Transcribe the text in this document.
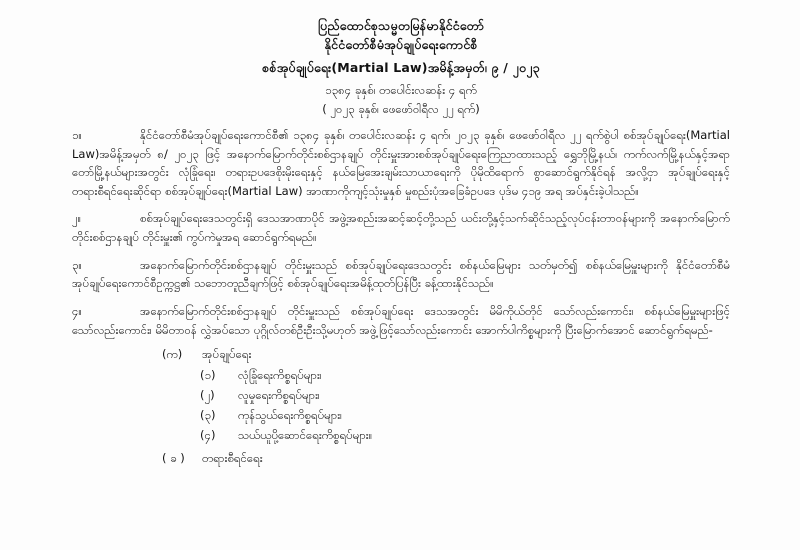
ပြည်ထောင်စုသမ္မတမြန်မာနိုင်ငံတော်
နိုင်ငံတော်စီမံအုပ်ချုပ်ရေးကောင်စီ
စစ်အုပ်ချုပ်ရေး(Martial Law)အမိန့်အမှတ်၊ ၉ / ၂၀၂၃
၁၃၈၄ ခုနှစ်၊ တပေါင်းလဆန်း ၄ ရက်
( ၂၀၂၃ ခုနှစ်၊ ဖေဖော်ဝါရီလ ၂၂ ရက်)
၁။	နိုင်ငံတော်စီမံအုပ်ချုပ်ရေးကောင်စီ၏ ၁၃၈၄ ခုနှစ်၊ တပေါင်းလဆန်း ၄ ရက်၊ ၂၀၂၃ ခုနှစ်၊ ဖေဖော်ဝါရီလ ၂၂ ရက်စွဲပါ စစ်အုပ်ချုပ်ရေး(Martial Law)အမိန့်အမှတ် ၈/ ၂၀၂၃ ဖြင့် အနောက်မြောက်တိုင်းစစ်ဌာနချုပ် တိုင်းမှူးအားစစ်အုပ်ချုပ်ရေးကြေညာထားသည့် ရွှေဘိုမြို့နယ်၊ ကက်လက်မြို့နယ်နှင့်အရာတော်မြို့နယ်များအတွင်း လုံခြုံရေး၊ တရားဥပဒေစိုးမိုးရေးနှင့် နယ်မြေအေးချမ်းသာယာရေးကို ပိုမိုထိရောက် စွာဆောင်ရွက်နိုင်ရန် အလို့ငှာ အုပ်ချုပ်ရေးနှင့် တရားစီရင်ရေးဆိုင်ရာ စစ်အုပ်ချုပ်ရေး(Martial Law) အာဏာကိုကျင့်သုံးမှုနှစ် မှုစည်းပုံအခြေခံဥပဒေ ပုဒ်မ ၄၁၉ အရ အပ်နှင်းခဲ့ပါသည်။
၂။	စစ်အုပ်ချုပ်ရေးဒေသတွင်းရှိ ဒေသအာဏာပိုင် အဖွဲ့အစည်းအဆင့်ဆင့်တို့သည် ယင်းတို့နှင့်သက်ဆိုင်သည့်လုပ်ငန်းတာဝန်များကို အနောက်မြောက်တိုင်းစစ်ဌာနချုပ် တိုင်းမှူး၏ ကွပ်ကဲမှုအရ ဆောင်ရွက်ရမည်။
၃။	အနောက်မြောက်တိုင်းစစ်ဌာနချုပ် တိုင်းမှူးသည် စစ်အုပ်ချုပ်ရေးဒေသတွင်း စစ်နယ်မြေများ သတ်မှတ်၍ စစ်နယ်မြေမှူးများကို နိုင်ငံတော်စီမံအုပ်ချုပ်ရေးကောင်စီဥက္ကဋ္ဌ၏ သဘောတူညီချက်ဖြင့် စစ်အုပ်ချုပ်ရေးအမိန့်ထုတ်ပြန်ပြီး ခန့်ထားနိုင်သည်။
၄။	အနောက်မြောက်တိုင်းစစ်ဌာနချုပ် တိုင်းမှူးသည် စစ်အုပ်ချုပ်ရေး ဒေသအတွင်း မိမိကိုယ်တိုင် သော်လည်းကောင်း၊ စစ်နယ်မြေမှူးများဖြင့်သော်လည်းကောင်း၊ မိမိတာဝန် လွှဲအပ်သော ပုဂ္ဂိုလ်တစ်ဦးဦးသို့မဟုတ် အဖွဲ့ဖြင့်သော်လည်းကောင်း အောက်ပါကိစ္စများကို ပြီးမြောက်အောင် ဆောင်ရွက်ရမည်-
(က) အုပ်ချုပ်ရေး
(၁) လုံခြုံရေးကိစ္စရပ်များ၊
(၂) လူမှုရေးကိစ္စရပ်များ၊
(၃) ကုန်သွယ်ရေးကိစ္စရပ်များ၊
(၄) သယ်ယူပို့ဆောင်ရေးကိစ္စရပ်များ။
( ခ ) တရားစီရင်ရေး
